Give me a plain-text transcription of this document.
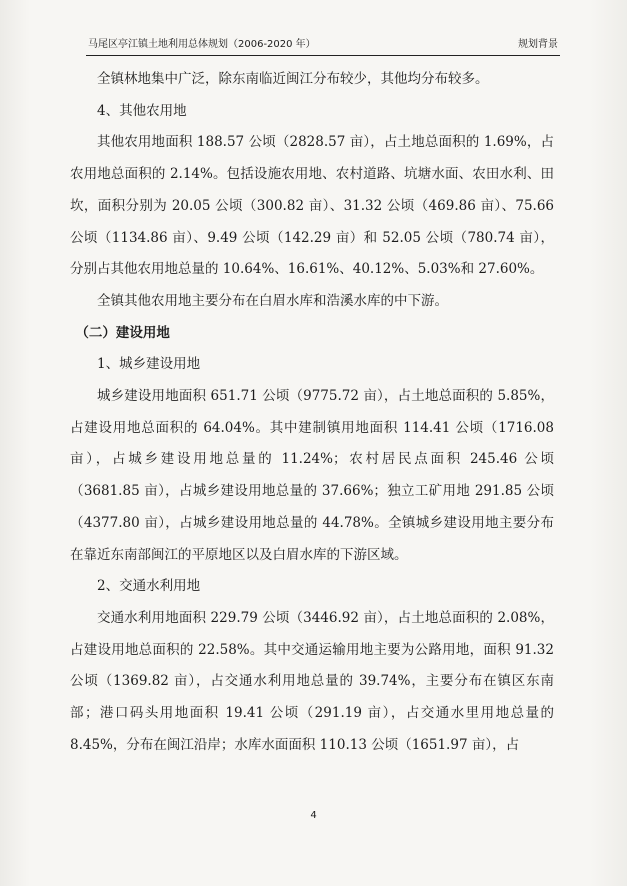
马尾区亭江镇土地利用总体规划（2006-2020 年）	规划背景

全镇林地集中广泛，除东南临近闽江分布较少，其他均分布较多。

4、其他农用地

其他农用地面积 188.57 公顷（2828.57 亩），占土地总面积的 1.69%，占农用地总面积的 2.14%。包括设施农用地、农村道路、坑塘水面、农田水利、田坎，面积分别为 20.05 公顷（300.82 亩）、31.32 公顷（469.86 亩）、75.66 公顷（1134.86 亩）、9.49 公顷（142.29 亩）和 52.05 公顷（780.74 亩），分别占其他农用地总量的 10.64%、16.61%、40.12%、5.03%和 27.60%。

全镇其他农用地主要分布在白眉水库和浩溪水库的中下游。

（二）建设用地

1、城乡建设用地

城乡建设用地面积 651.71 公顷（9775.72 亩），占土地总面积的 5.85%，占建设用地总面积的 64.04%。其中建制镇用地面积 114.41 公顷（1716.08 亩），占城乡建设用地总量的 11.24%；农村居民点面积 245.46 公顷（3681.85 亩），占城乡建设用地总量的 37.66%；独立工矿用地 291.85 公顷（4377.80 亩），占城乡建设用地总量的 44.78%。全镇城乡建设用地主要分布在靠近东南部闽江的平原地区以及白眉水库的下游区域。

2、交通水利用地

交通水利用地面积 229.79 公顷（3446.92 亩），占土地总面积的 2.08%，占建设用地总面积的 22.58%。其中交通运输用地主要为公路用地，面积 91.32 公顷（1369.82 亩），占交通水利用地总量的 39.74%，主要分布在镇区东南部；港口码头用地面积 19.41 公顷（291.19 亩），占交通水里用地总量的 8.45%，分布在闽江沿岸；水库水面面积 110.13 公顷（1651.97 亩），占

4
